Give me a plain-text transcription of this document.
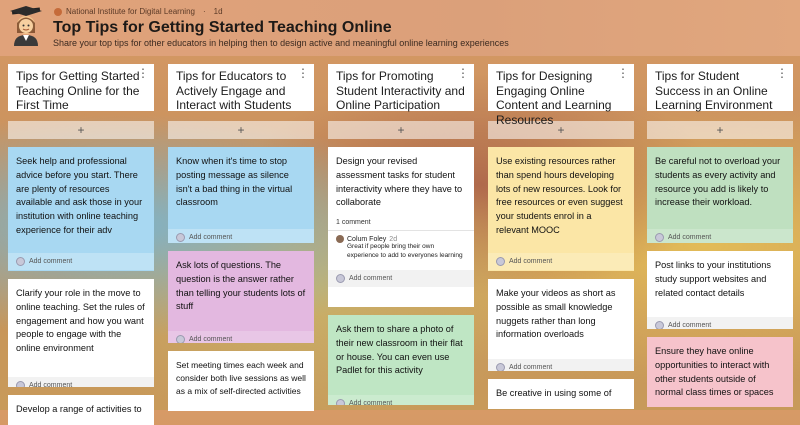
National Institute for Digital Learning · 1d
Top Tips for Getting Started Teaching Online
Share your top tips for other educators in helping then to design active and meaningful online learning experiences
Tips for Getting Started Teaching Online for the First Time
⋮
+
Seek help and professional advice before you start. There are plenty of resources available and ask those in your institution with online teaching experience for their adv
Add comment
Clarify your role in the move to online teaching. Set the rules of engagement and how you want people to engage with the online environment
Add comment
Develop a range of activities to
Tips for Educators to Actively Engage and Interact with Students
⋮
+
Know when it's time to stop posting message as silence isn't a bad thing in the virtual classroom
Add comment
Ask lots of questions. The question is the answer rather than telling your students lots of stuff
Add comment
Set meeting times each week and consider both live sessions as well as a mix of self-directed activities
Tips for Promoting Student Interactivity and Online Participation
⋮
+
Design your revised assessment tasks for student interactivity where they have to collaborate
1 comment
Colum Foley 2d
Great if people bring their own experience to add to everyones learning
Add comment
Ask them to share a photo of their new classroom in their flat or house. You can even use Padlet for this activity
Add comment
Tips for Designing Engaging Online Content and Learning Resources
⋮
+
Use existing resources rather than spend hours developing lots of new resources. Look for free resources or even suggest your students enrol in a relevant MOOC
Add comment
Make your videos as short as possible as small knowledge nuggets rather than long information overloads
Add comment
Be creative in using some of
Tips for Student Success in an Online Learning Environment
⋮
+
Be careful not to overload your students as every activity and resource you add is likely to increase their workload.
Add comment
Post links to your institutions study support websites and related contact details
Add comment
Ensure they have online opportunities to interact with other students outside of normal class times or spaces
